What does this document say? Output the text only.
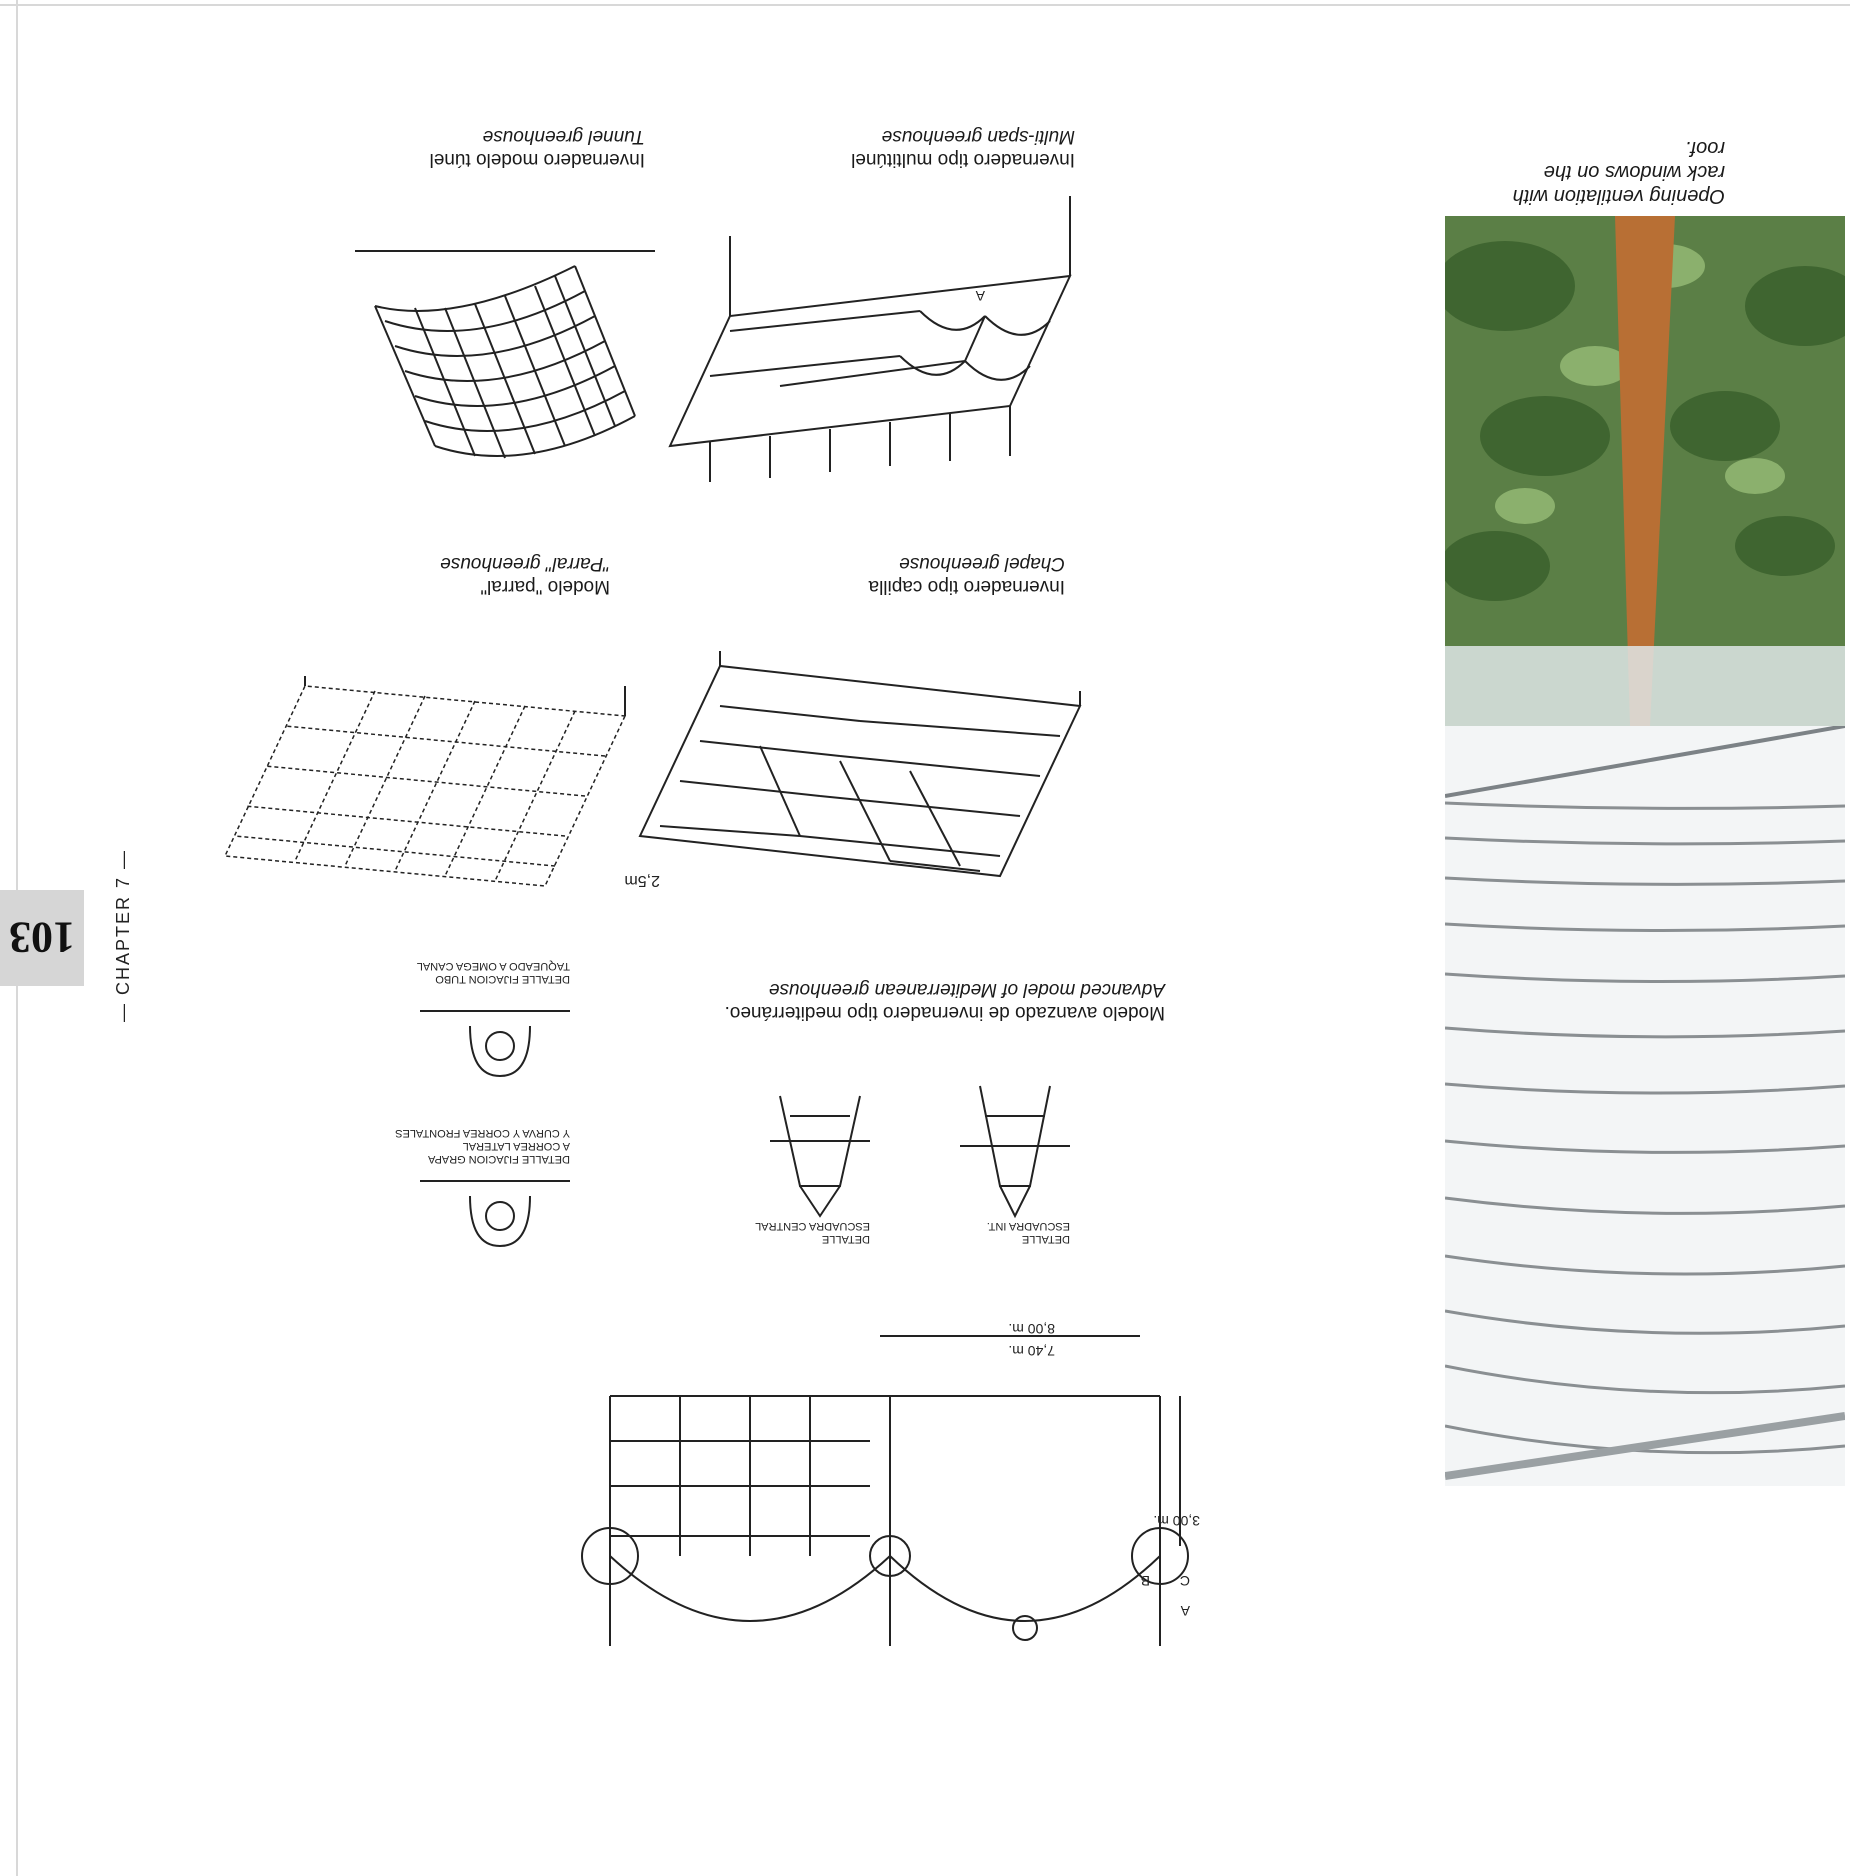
103 — CHAPTER 7 —
Opening ventilation with
rack windows on the
roof.
A
Invernadero tipo multitúnel
Multi-span greenhouse
Invernadero modelo túnel
Tunnel greenhouse
2,5m
Invernadero tipo capilla
Chapel greenhouse
Modelo "parral"
"Parral" greenhouse
Modelo avanzado de invernadero tipo mediterráneo.
Advanced model of Mediterranean greenhouse
DETALLE
ESCUADRA INT.
DETALLE
ESCUADRA CENTRAL
DETALLE FIJACION GRAPA
A CORREA LATERAL
Y CURVA Y CORREA FRONTALES
DETALLE FIJACION TUBO
TAQUEADO A OMEGA CANAL
3,00 m.
7,40 m.
8,00 m.
A
B C
